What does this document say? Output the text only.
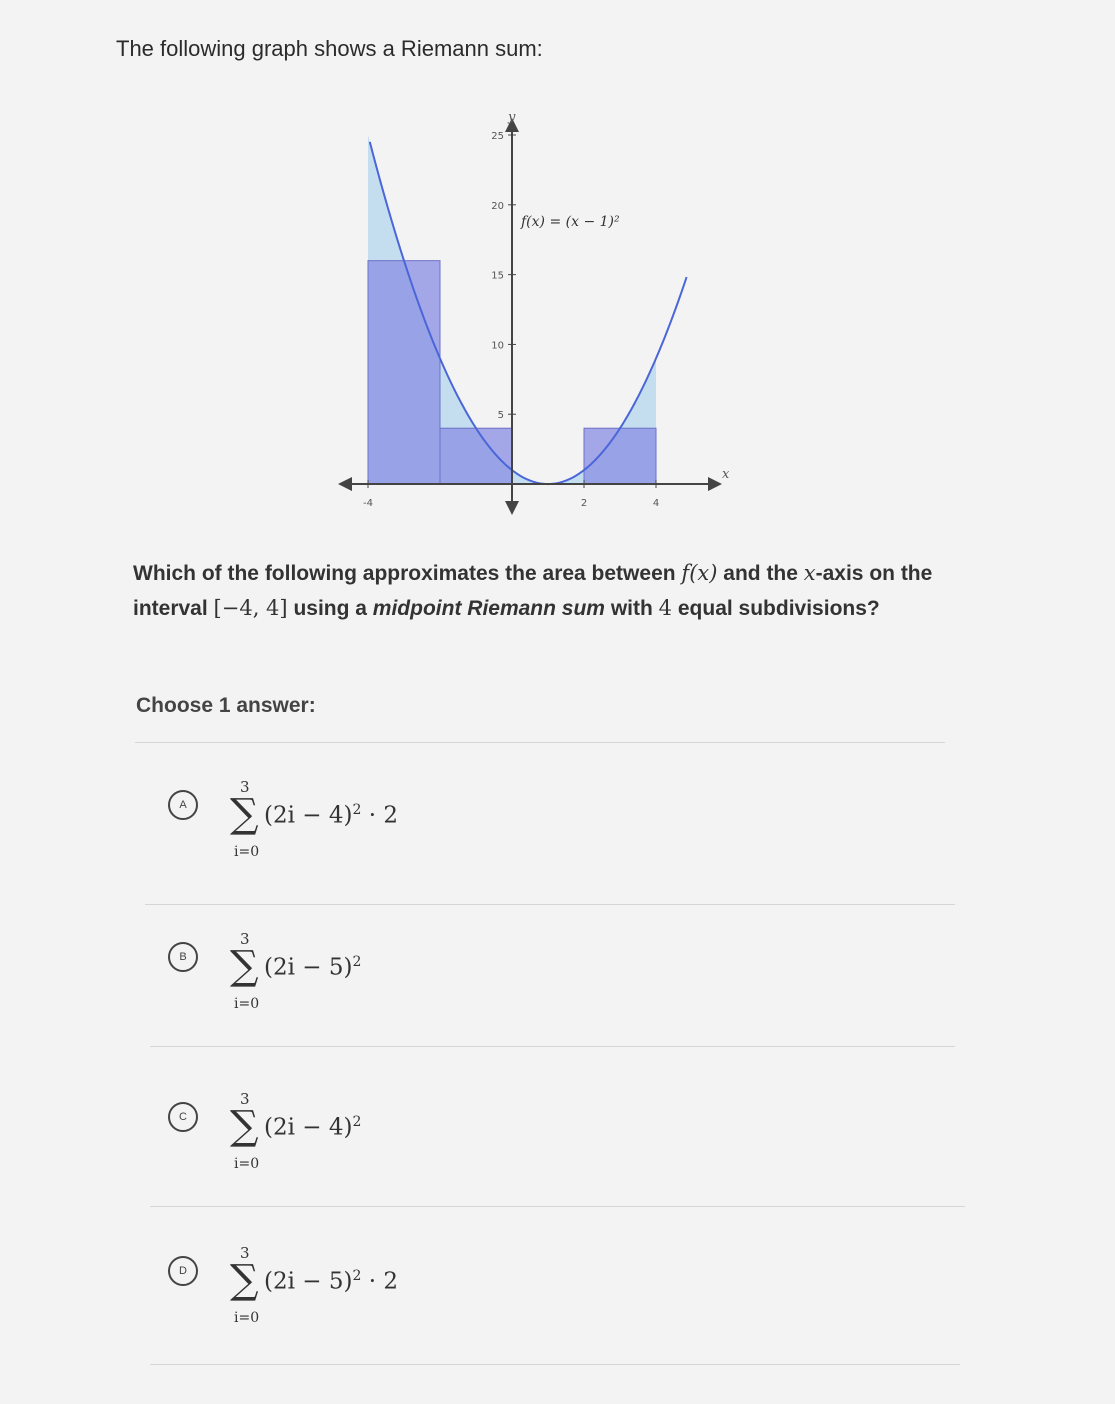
The following graph shows a Riemann sum:
5
10
15
20
25
-4	2	4
y
x
f(x) = (x − 1)²
Which of the following approximates the area between f(x) and the x-axis on the interval [−4, 4] using a midpoint Riemann sum with 4 equal subdivisions?
Choose 1 answer:
A
3
∑
i=0
$(2i - 4)^2 \cdot 2$
B
3
∑
i=0
$(2i - 5)^2$
C
3
∑
i=0
$(2i - 4)^2$
D
3
∑
i=0
$(2i - 5)^2 \cdot 2$
